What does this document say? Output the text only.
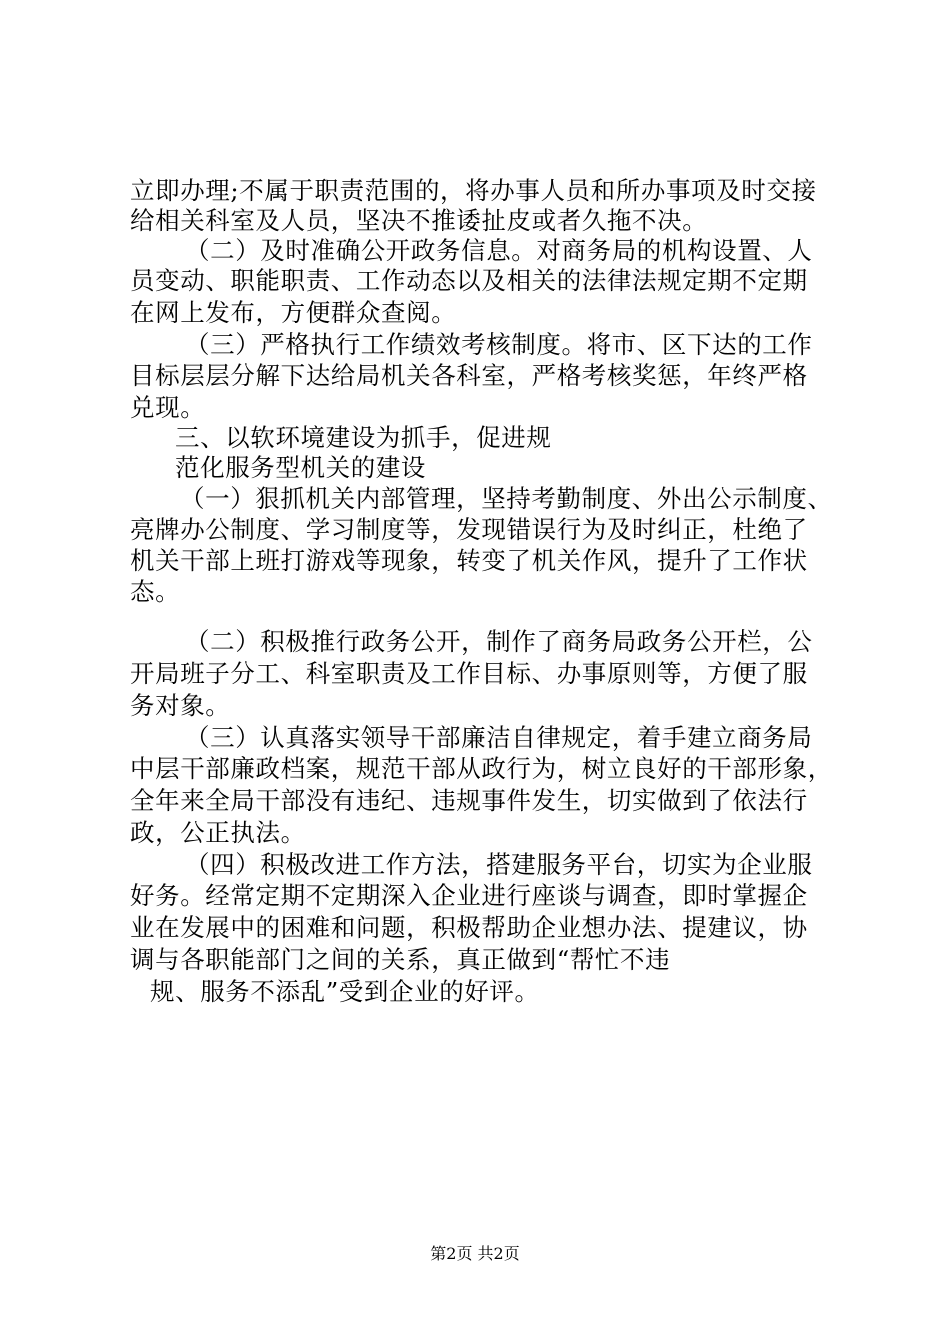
立即办理;不属于职责范围的，将办事人员和所办事项及时交接
给相关科室及人员，坚决不推诿扯皮或者久拖不决。
（二）及时准确公开政务信息。对商务局的机构设置、人
员变动、职能职责、工作动态以及相关的法律法规定期不定期
在网上发布，方便群众查阅。
（三）严格执行工作绩效考核制度。将市、区下达的工作
目标层层分解下达给局机关各科室，严格考核奖惩，年终严格
兑现。
三、以软环境建设为抓手，促进规
范化服务型机关的建设
（一）狠抓机关内部管理，坚持考勤制度、外出公示制度、
亮牌办公制度、学习制度等，发现错误行为及时纠正，杜绝了
机关干部上班打游戏等现象，转变了机关作风，提升了工作状
态。
（二）积极推行政务公开，制作了商务局政务公开栏，公
开局班子分工、科室职责及工作目标、办事原则等，方便了服
务对象。
（三）认真落实领导干部廉洁自律规定，着手建立商务局
中层干部廉政档案，规范干部从政行为，树立良好的干部形象，
全年来全局干部没有违纪、违规事件发生，切实做到了依法行
政，公正执法。
（四）积极改进工作方法，搭建服务平台，切实为企业服
好务。经常定期不定期深入企业进行座谈与调查，即时掌握企
业在发展中的困难和问题，积极帮助企业想办法、提建议，协
调与各职能部门之间的关系，真正做到“帮忙不违
规、服务不添乱”受到企业的好评。
第2页 共2页
